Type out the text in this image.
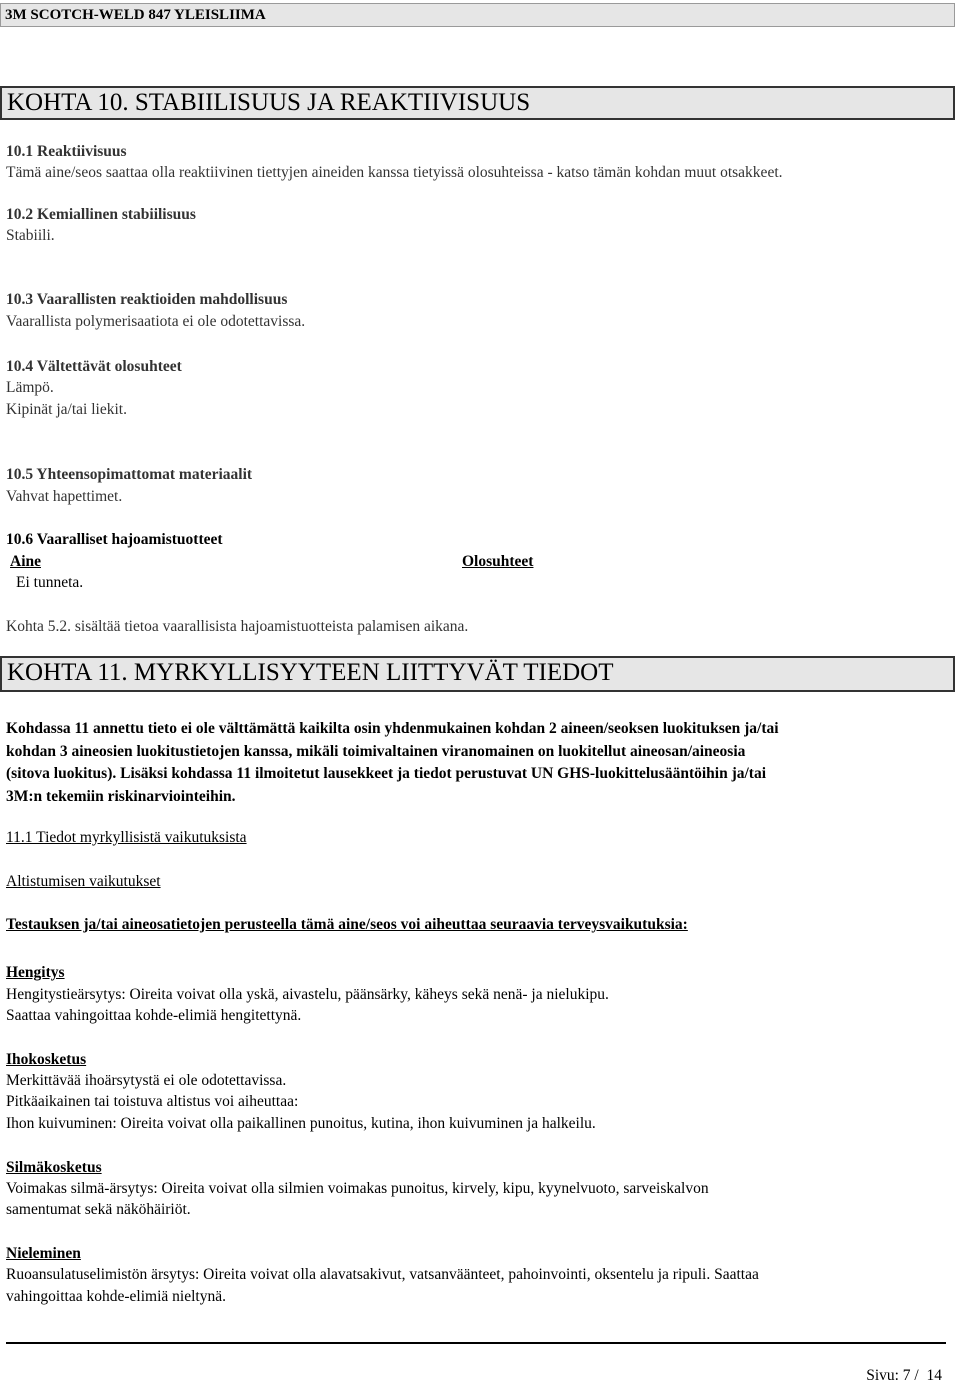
3M SCOTCH-WELD 847 YLEISLIIMA
KOHTA 10. STABIILISUUS JA REAKTIIVISUUS
10.1 Reaktiivisuus
Tämä aine/seos saattaa olla reaktiivinen tiettyjen aineiden kanssa tietyissä olosuhteissa - katso tämän kohdan muut otsakkeet.
10.2 Kemiallinen stabiilisuus
Stabiili.
10.3 Vaarallisten reaktioiden mahdollisuus
Vaarallista polymerisaatiota ei ole odotettavissa.
10.4 Vältettävät olosuhteet
Lämpö.
Kipinät ja/tai liekit.
10.5 Yhteensopimattomat materiaalit
Vahvat hapettimet.
10.6 Vaaralliset hajoamistuotteet
Aine	Olosuhteet
Ei tunneta.
Kohta 5.2. sisältää tietoa vaarallisista hajoamistuotteista palamisen aikana.
KOHTA 11. MYRKYLLISYYTEEN LIITTYVÄT TIEDOT
Kohdassa 11 annettu tieto ei ole välttämättä kaikilta osin yhdenmukainen kohdan 2 aineen/seoksen luokituksen ja/tai
kohdan 3 aineosien luokitustietojen kanssa, mikäli toimivaltainen viranomainen on luokitellut aineosan/aineosia
(sitova luokitus). Lisäksi kohdassa 11 ilmoitetut lausekkeet ja tiedot perustuvat UN GHS-luokittelusääntöihin ja/tai
3M:n tekemiin riskinarviointeihin.
11.1 Tiedot myrkyllisistä vaikutuksista
Altistumisen vaikutukset
Testauksen ja/tai aineosatietojen perusteella tämä aine/seos voi aiheuttaa seuraavia terveysvaikutuksia:
Hengitys
Hengitystieärsytys: Oireita voivat olla yskä, aivastelu, päänsärky, käheys sekä nenä- ja nielukipu.
Saattaa vahingoittaa kohde-elimiä hengitettynä.
Ihokosketus
Merkittävää ihoärsytystä ei ole odotettavissa.
Pitkäaikainen tai toistuva altistus voi aiheuttaa:
Ihon kuivuminen: Oireita voivat olla paikallinen punoitus, kutina, ihon kuivuminen ja halkeilu.
Silmäkosketus
Voimakas silmä-ärsytys: Oireita voivat olla silmien voimakas punoitus, kirvely, kipu, kyynelvuoto, sarveiskalvon
samentumat sekä näköhäiriöt.
Nieleminen
Ruoansulatuselimistön ärsytys: Oireita voivat olla alavatsakivut, vatsanväänteet, pahoinvointi, oksentelu ja ripuli. Saattaa
vahingoittaa kohde-elimiä nieltynä.
Sivu: 7 /  14
